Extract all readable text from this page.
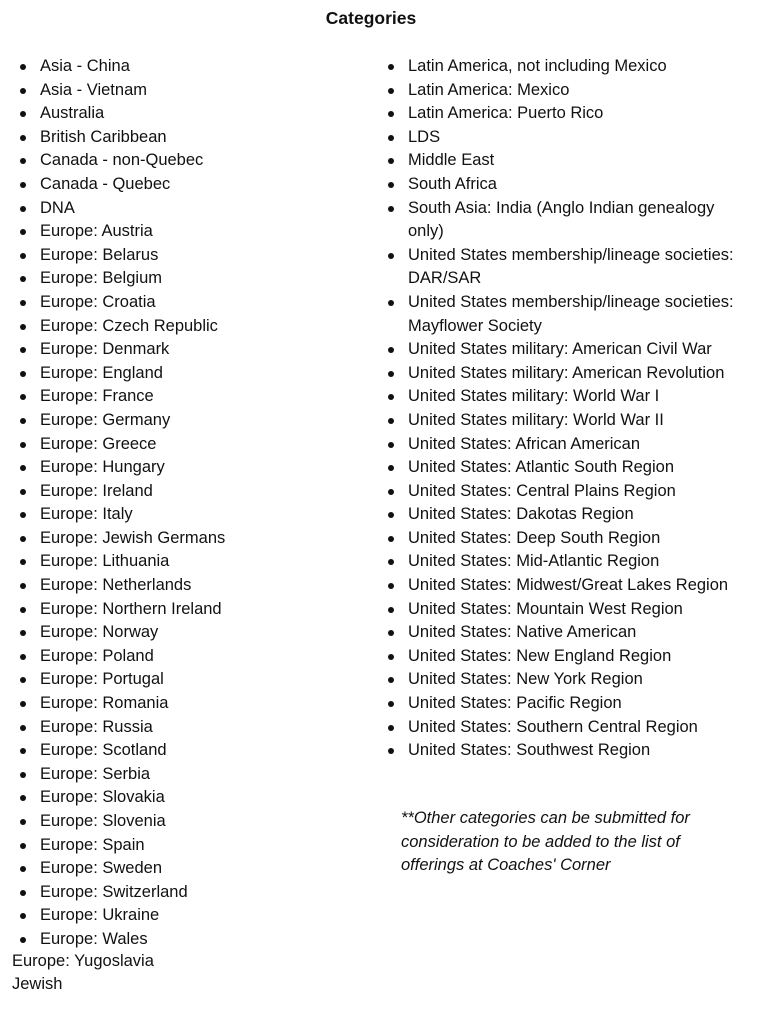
Categories
Asia - China
Asia - Vietnam
Australia
British Caribbean
Canada - non-Quebec
Canada - Quebec
DNA
Europe: Austria
Europe: Belarus
Europe: Belgium
Europe: Croatia
Europe: Czech Republic
Europe: Denmark
Europe: England
Europe: France
Europe: Germany
Europe: Greece
Europe: Hungary
Europe: Ireland
Europe: Italy
Europe: Jewish Germans
Europe: Lithuania
Europe: Netherlands
Europe: Northern Ireland
Europe: Norway
Europe: Poland
Europe: Portugal
Europe: Romania
Europe: Russia
Europe: Scotland
Europe: Serbia
Europe: Slovakia
Europe: Slovenia
Europe: Spain
Europe: Sweden
Europe: Switzerland
Europe: Ukraine
Europe: Wales
Latin America, not including Mexico
Latin America: Mexico
Latin America: Puerto Rico
LDS
Middle East
South Africa
South Asia: India (Anglo Indian genealogy only)
United States membership/lineage societies: DAR/SAR
United States membership/lineage societies: Mayflower Society
United States military: American Civil War
United States military: American Revolution
United States military: World War I
United States military: World War II
United States: African American
United States: Atlantic South Region
United States: Central Plains Region
United States: Dakotas Region
United States: Deep South Region
United States: Mid-Atlantic Region
United States: Midwest/Great Lakes Region
United States: Mountain West Region
United States: Native American
United States: New England Region
United States: New York Region
United States: Pacific Region
United States: Southern Central Region
United States: Southwest Region
Europe: Yugoslavia
Jewish
**Other categories can be submitted for consideration to be added to the list of offerings at Coaches' Corner
